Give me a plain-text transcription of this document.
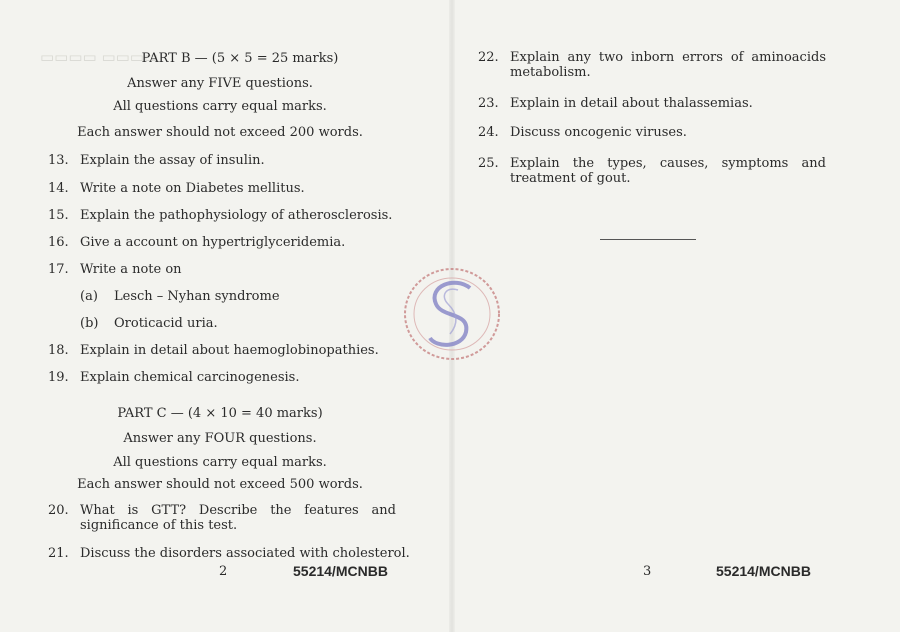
▭▭▭▭ ▭▭▭▭
PART B — (5 × 5 = 25 marks)
Answer any FIVE questions.
All questions carry equal marks.
Each answer should not exceed 200 words.
13. Explain the assay of insulin.
14. Write a note on Diabetes mellitus.
15. Explain the pathophysiology of atherosclerosis.
16. Give a account on hypertriglyceridemia.
17. Write a note on
(a) Lesch – Nyhan syndrome
(b) Oroticacid uria.
18. Explain in detail about haemoglobinopathies.
19. Explain chemical carcinogenesis.
PART C — (4 × 10 = 40 marks)
Answer any FOUR questions.
All questions carry equal marks.
Each answer should not exceed 500 words.
20. What is GTT? Describe the features and significance of this test.
21. Discuss the disorders associated with cholesterol.
2	55214/MCNBB
22. Explain any two inborn errors of aminoacids metabolism.
23. Explain in detail about thalassemias.
24. Discuss oncogenic viruses.
25. Explain the types, causes, symptoms and treatment of gout.
3	55214/MCNBB
